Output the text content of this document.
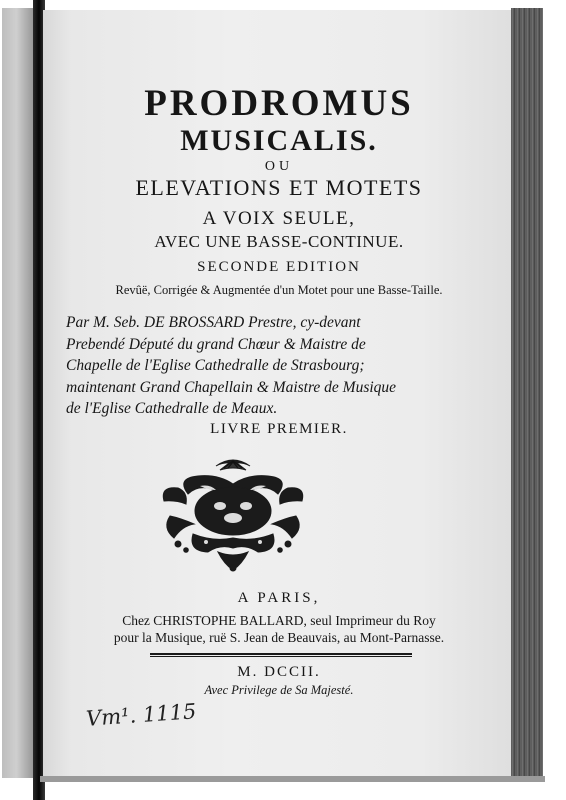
PRODROMUS
MUSICALIS.
OU
ELEVATIONS ET MOTETS
A VOIX SEULE,
AVEC UNE BASSE-CONTINUE.
SECONDE EDITION
Revûë, Corrigée & Augmentée d'un Motet pour une Basse-Taille.
Par M. Seb. DE BROSSARD Prestre, cy-devant
Prebendé Député du grand Chœur & Maistre de
Chapelle de l'Eglise Cathedralle de Strasbourg;
maintenant Grand Chapellain & Maistre de Musique
de l'Eglise Cathedralle de Meaux.
LIVRE PREMIER.
A PARIS,
Chez CHRISTOPHE BALLARD, seul Imprimeur du Roy
pour la Musique, ruë S. Jean de Beauvais, au Mont-Parnasse.
M. DCCII.
Avec Privilege de Sa Majesté.
Vm¹. 1115
